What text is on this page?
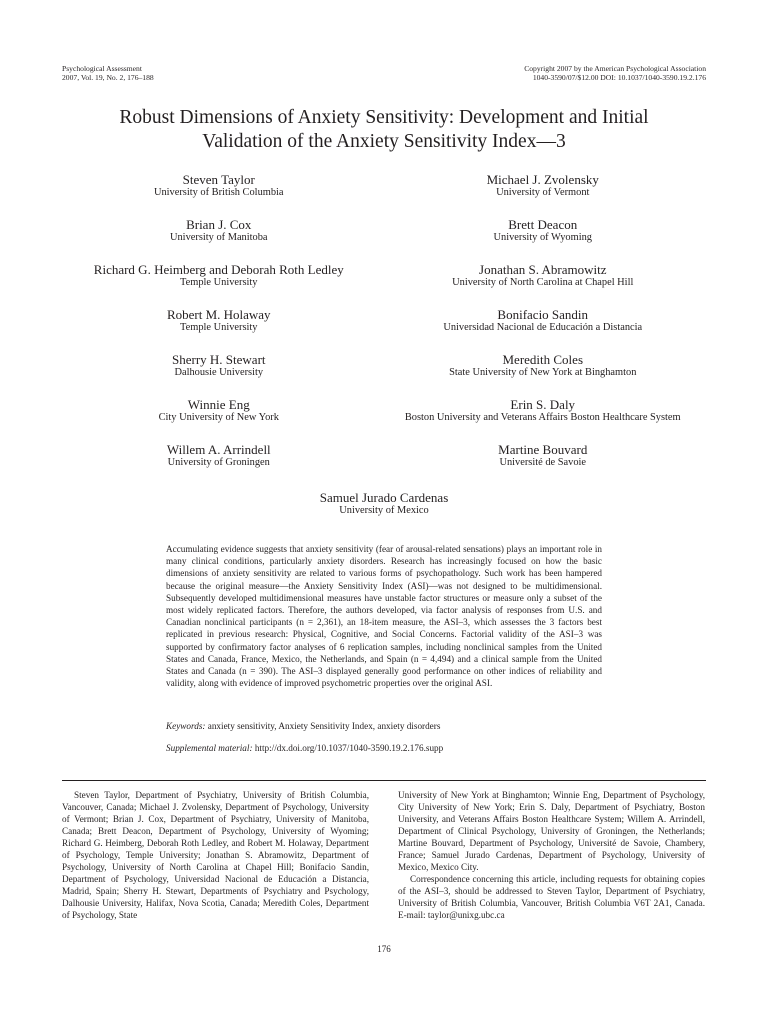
Psychological Assessment
2007, Vol. 19, No. 2, 176–188
Copyright 2007 by the American Psychological Association
1040-3590/07/$12.00 DOI: 10.1037/1040-3590.19.2.176
Robust Dimensions of Anxiety Sensitivity: Development and Initial
Validation of the Anxiety Sensitivity Index—3
Steven Taylor
University of British Columbia
Michael J. Zvolensky
University of Vermont
Brian J. Cox
University of Manitoba
Brett Deacon
University of Wyoming
Richard G. Heimberg and Deborah Roth Ledley
Temple University
Jonathan S. Abramowitz
University of North Carolina at Chapel Hill
Robert M. Holaway
Temple University
Bonifacio Sandin
Universidad Nacional de Educación a Distancia
Sherry H. Stewart
Dalhousie University
Meredith Coles
State University of New York at Binghamton
Winnie Eng
City University of New York
Erin S. Daly
Boston University and Veterans Affairs Boston Healthcare System
Willem A. Arrindell
University of Groningen
Martine Bouvard
Université de Savoie
Samuel Jurado Cardenas
University of Mexico
Accumulating evidence suggests that anxiety sensitivity (fear of arousal-related sensations) plays an important role in many clinical conditions, particularly anxiety disorders. Research has increasingly focused on how the basic dimensions of anxiety sensitivity are related to various forms of psychopathology. Such work has been hampered because the original measure—the Anxiety Sensitivity Index (ASI)—was not designed to be multidimensional. Subsequently developed multidimensional measures have unstable factor structures or measure only a subset of the most widely replicated factors. Therefore, the authors developed, via factor analysis of responses from U.S. and Canadian nonclinical participants (n = 2,361), an 18-item measure, the ASI–3, which assesses the 3 factors best replicated in previous research: Physical, Cognitive, and Social Concerns. Factorial validity of the ASI–3 was supported by confirmatory factor analyses of 6 replication samples, including nonclinical samples from the United States and Canada, France, Mexico, the Netherlands, and Spain (n = 4,494) and a clinical sample from the United States and Canada (n = 390). The ASI–3 displayed generally good performance on other indices of reliability and validity, along with evidence of improved psychometric properties over the original ASI.
Keywords: anxiety sensitivity, Anxiety Sensitivity Index, anxiety disorders
Supplemental material: http://dx.doi.org/10.1037/1040-3590.19.2.176.supp

Steven Taylor, Department of Psychiatry, University of British Columbia, Vancouver, Canada; Michael J. Zvolensky, Department of Psychology, University of Vermont; Brian J. Cox, Department of Psychiatry, University of Manitoba, Canada; Brett Deacon, Department of Psychology, University of Wyoming; Richard G. Heimberg, Deborah Roth Ledley, and Robert M. Holaway, Department of Psychology, Temple University; Jonathan S. Abramowitz, Department of Psychology, University of North Carolina at Chapel Hill; Bonifacio Sandin, Department of Psychology, Universidad Nacional de Educación a Distancia, Madrid, Spain; Sherry H. Stewart, Departments of Psychiatry and Psychology, Dalhousie University, Halifax, Nova Scotia, Canada; Meredith Coles, Department of Psychology, State

University of New York at Binghamton; Winnie Eng, Department of Psychology, City University of New York; Erin S. Daly, Department of Psychiatry, Boston University, and Veterans Affairs Boston Healthcare System; Willem A. Arrindell, Department of Clinical Psychology, University of Groningen, the Netherlands; Martine Bouvard, Department of Psychology, Université de Savoie, Chambery, France; Samuel Jurado Cardenas, Department of Psychology, University of Mexico, Mexico City.

Correspondence concerning this article, including requests for obtaining copies of the ASI–3, should be addressed to Steven Taylor, Department of Psychiatry, University of British Columbia, Vancouver, British Columbia V6T 2A1, Canada. E-mail: taylor@unixg.ubc.ca

176
